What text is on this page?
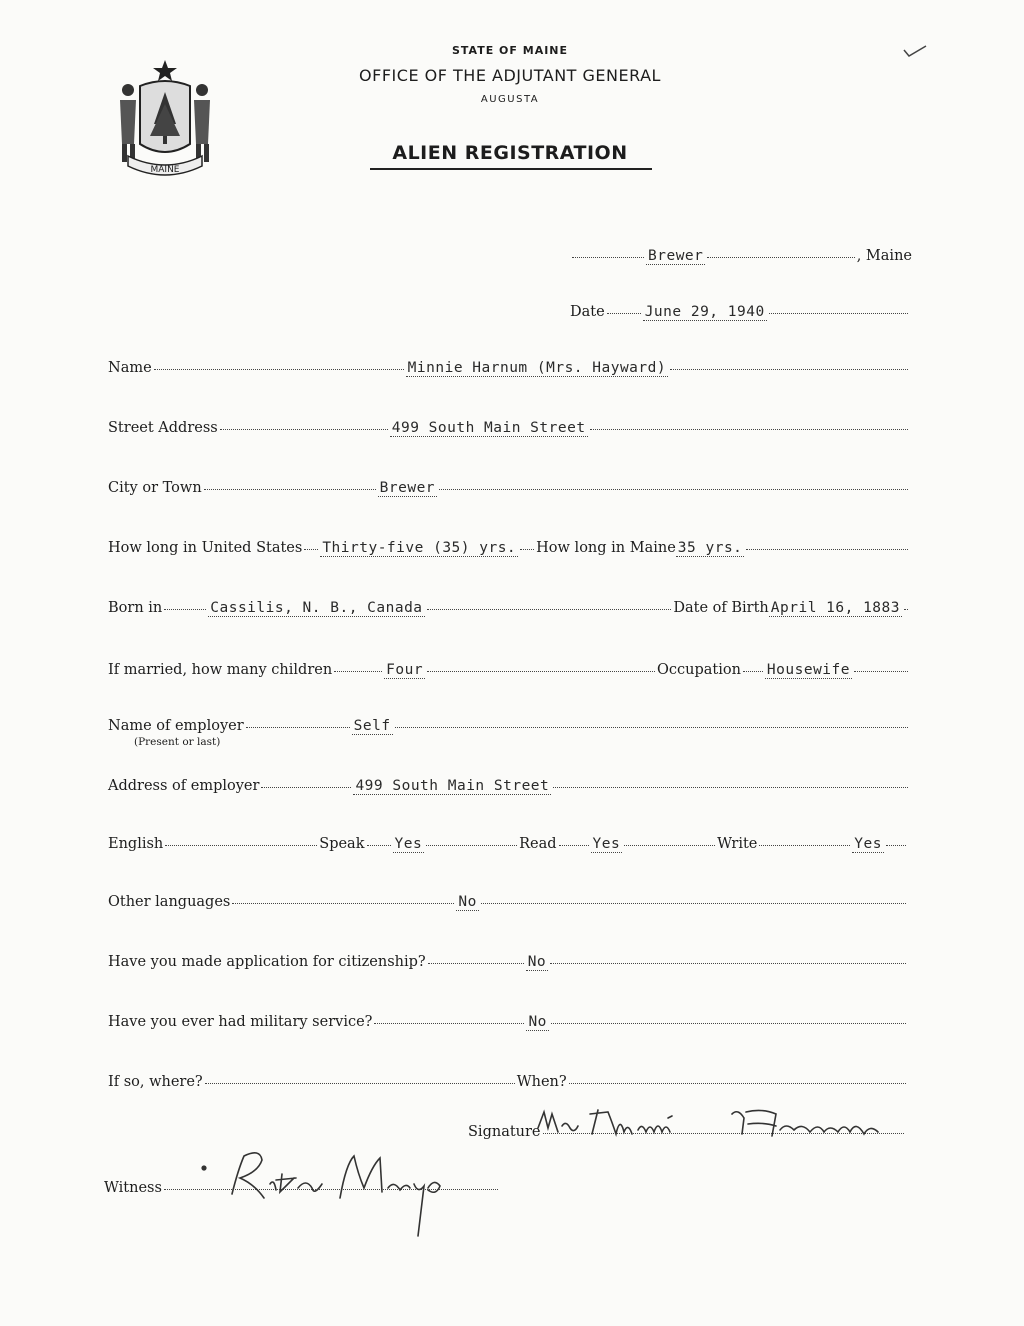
MAINE
STATE OF MAINE
OFFICE OF THE ADJUTANT GENERAL
AUGUSTA
ALIEN REGISTRATION
Brewer	, Maine
Date	June 29, 1940
Name	Minnie Harnum (Mrs. Hayward)
Street Address	499 South Main Street
City or Town	Brewer
How long in United States Thirty-five (35) yrs. How long in Maine 35 yrs.
Born in	Cassilis, N. B., Canada	Date of Birth April 16, 1883
If married, how many children	Four	Occupation Housewife
Name of employer	Self
(Present or last)
Address of employer	499 South Main Street
English	Speak Yes	Read Yes	Write	Yes
Other languages	No
Have you made application for citizenship?	No
Have you ever had military service?	No
If so, where?	When?
Signature
Witness
